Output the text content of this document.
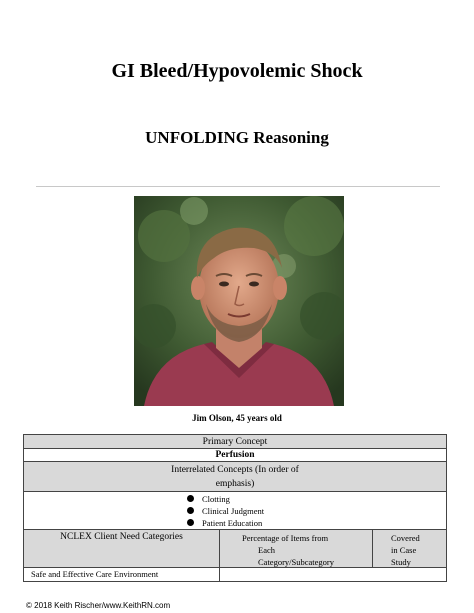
GI Bleed/Hypovolemic Shock
UNFOLDING Reasoning
Jim Olson, 45 years old
Primary Concept
Perfusion
Interrelated Concepts (In order of
emphasis)
Clotting
Clinical Judgment
Patient Education
NCLEX Client Need Categories	Percentage of Items from
Each
Category/Subcategory
Covered
in Case
Study
Safe and Effective Care Environment
© 2018 Keith Rischer/www.KeithRN.com
